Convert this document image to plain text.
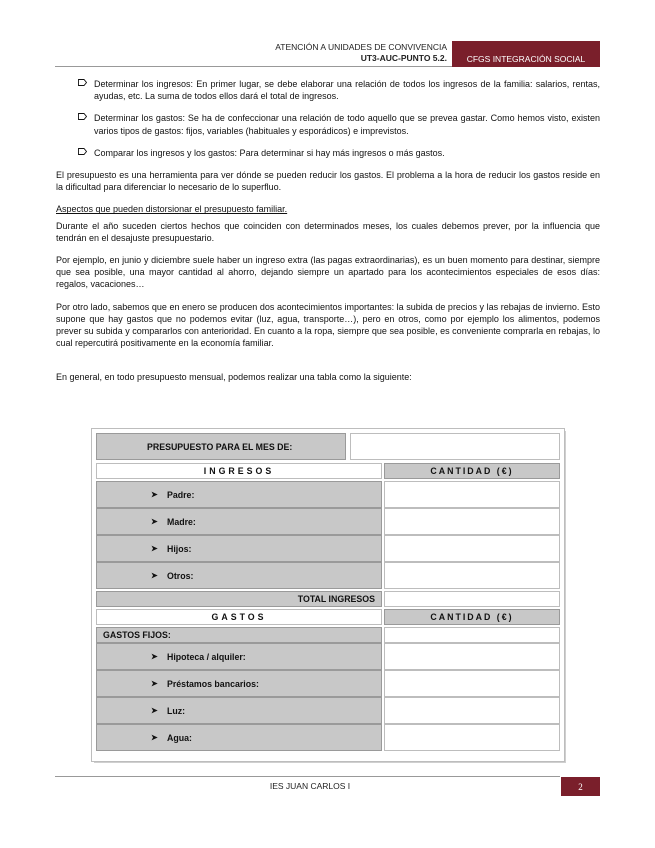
ATENCIÓN A UNIDADES DE CONVIVENCIA
UT3-AUC-PUNTO 5.2.	CFGS INTEGRACIÓN SOCIAL
Determinar los ingresos: En primer lugar, se debe elaborar una relación de todos los ingresos de la familia: salarios, rentas, ayudas, etc. La suma de todos ellos dará el total de ingresos.
Determinar los gastos: Se ha de confeccionar una relación de todo aquello que se prevea gastar. Como hemos visto, existen varios tipos de gastos: fijos, variables (habituales y esporádicos) e imprevistos.
Comparar los ingresos y los gastos: Para determinar si hay más ingresos o más gastos.

El presupuesto es una herramienta para ver dónde se pueden reducir los gastos. El problema a la hora de reducir los gastos reside en la dificultad para diferenciar lo necesario de lo superfluo.

Aspectos que pueden distorsionar el presupuesto familiar.

Durante el año suceden ciertos hechos que coinciden con determinados meses, los cuales debemos prever, por la influencia que tendrán en el desajuste presupuestario.

Por ejemplo, en junio y diciembre suele haber un ingreso extra (las pagas extraordinarias), es un buen momento para destinar, siempre que sea posible, una mayor cantidad al ahorro, dejando siempre un apartado para los acontecimientos especiales de esos días: regalos, vacaciones…

Por otro lado, sabemos que en enero se producen dos acontecimientos importantes: la subida de precios y las rebajas de invierno. Esto supone que hay gastos que no podemos evitar (luz, agua, transporte…), pero en otros, como por ejemplo los alimentos, podemos prever su subida y compararlos con anterioridad. En cuanto a la ropa, siempre que sea posible, es conveniente comprarla en rebajas, lo cual repercutirá positivamente en la economía familiar.

En general, en todo presupuesto mensual, podemos realizar una tabla como la siguiente:

PRESUPUESTO PARA EL MES DE:
INGRESOS	CANTIDAD (€)
➤	Padre:
➤	Madre:
➤	Hijos:
➤	Otros:
TOTAL INGRESOS
GASTOS	CANTIDAD (€)
GASTOS FIJOS:
➤	Hipoteca / alquiler:
➤	Préstamos bancarios:
➤	Luz:
➤	Agua:
IES JUAN CARLOS I	2
